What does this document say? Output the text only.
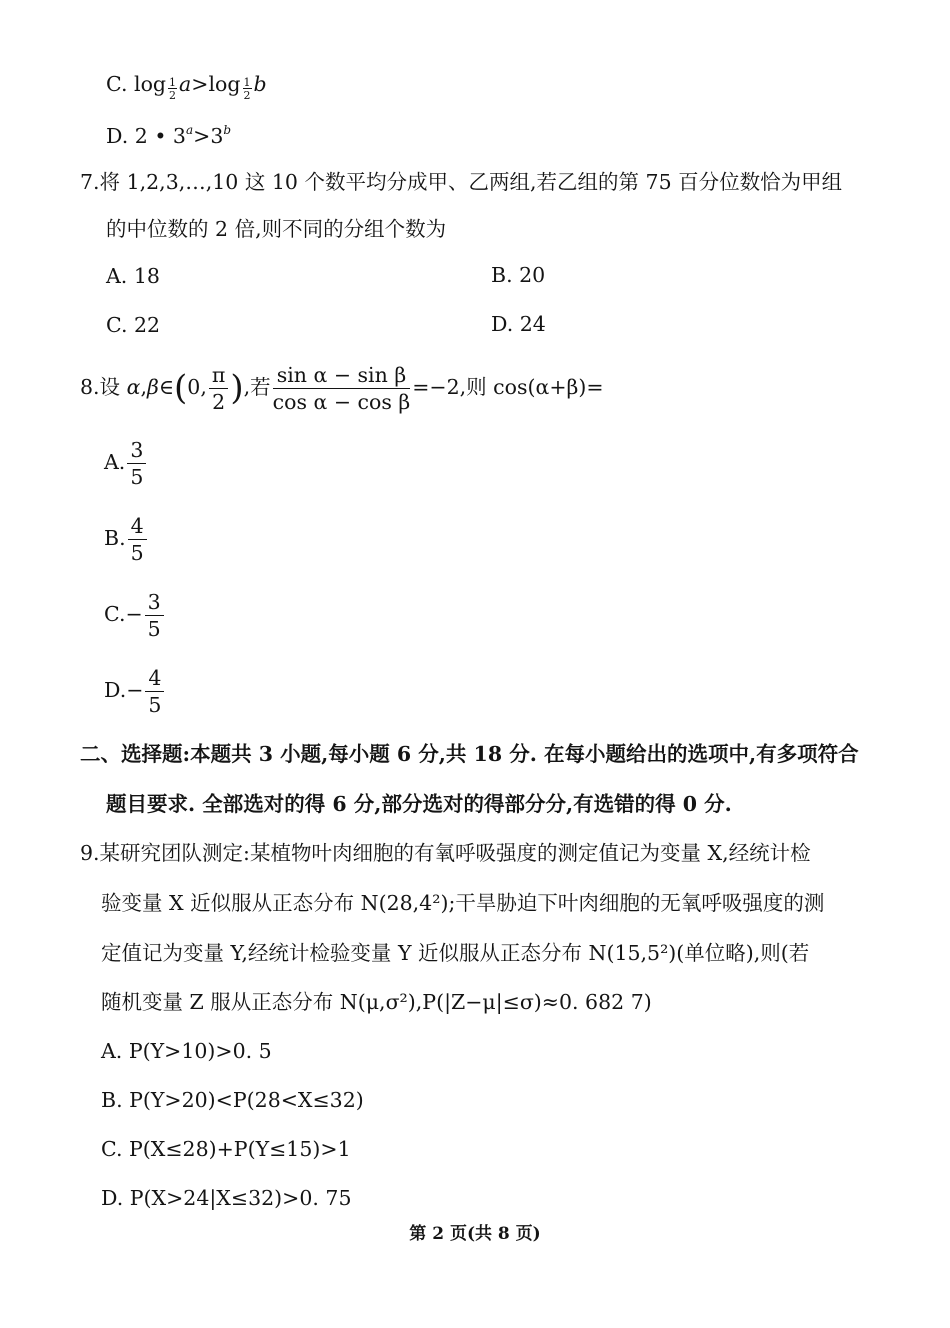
C. $\log \frac{1}{2} a>\log \frac{1}{2}$ b
D. 2 • $3^a>3^b$
7.将 1,2,3,…,10 这 10 个数平均分成甲、乙两组,若乙组的第 75 百分位数恰为甲组
的中位数的 2 倍,则不同的分组个数为
A. 18	B. 20
C. 22	D. 24
8.设 α,β∈(0, $\frac{\pi}{2}$ ),若 $\frac{\text{sin α − sin β}}{\text{cos α − cos β}} =-2$,则 cos(α+β)=
A. $\frac{3}{5}$
B. $\frac{4}{5}$
$C.- \frac{3}{5}$
$D.- \frac{4}{5}$
二、选择题:本题共 3 小题,每小题 6 分,共 18 分. 在每小题给出的选项中,有多项符合
题目要求. 全部选对的得 6 分,部分选对的得部分分,有选错的得 0 分.
9.某研究团队测定:某植物叶肉细胞的有氧呼吸强度的测定值记为变量 X,经统计检
验变量 X 近似服从正态分布 N(28,4²);干旱胁迫下叶肉细胞的无氧呼吸强度的测
定值记为变量 Y,经统计检验变量 Y 近似服从正态分布 N(15,5²)(单位略),则(若
随机变量 Z 服从正态分布 N(μ,σ²),P(|Z−μ|≤σ)≈0. 682 7)
A. P(Y>10)>0. 5
B. P(Y>20)<P(28<X≤32)
C. P(X≤28)+P(Y≤15)>1
D. P(X>24|X≤32)>0. 75
第 2 页(共 8 页)
